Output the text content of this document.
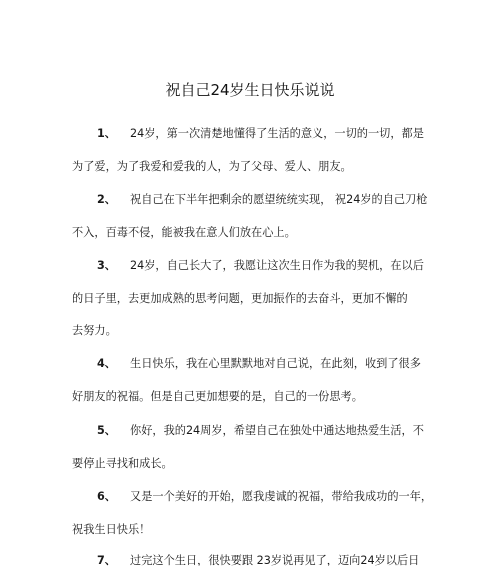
祝自己24岁生日快乐说说
1、 24岁，第一次清楚地懂得了生活的意义，一切的一切，都是
为了爱，为了我爱和爱我的人，为了父母、爱人、朋友。
2、 祝自己在下半年把剩余的愿望统统实现， 祝24岁的自己刀枪
不入，百毒不侵，能被我在意人们放在心上。
3、 24岁，自己长大了，我愿让这次生日作为我的契机，在以后
的日子里，去更加成熟的思考问题，更加振作的去奋斗，更加不懈的
去努力。
4、 生日快乐，我在心里默默地对自己说，在此刻，收到了很多
好朋友的祝福。但是自己更加想要的是，自己的一份思考。
5、 你好，我的24周岁，希望自己在独处中通达地热爱生活，不
要停止寻找和成长。
6、 又是一个美好的开始，愿我虔诚的祝福，带给我成功的一年，
祝我生日快乐！
7、 过完这个生日，很快要跟 23岁说再见了，迈向24岁以后日
